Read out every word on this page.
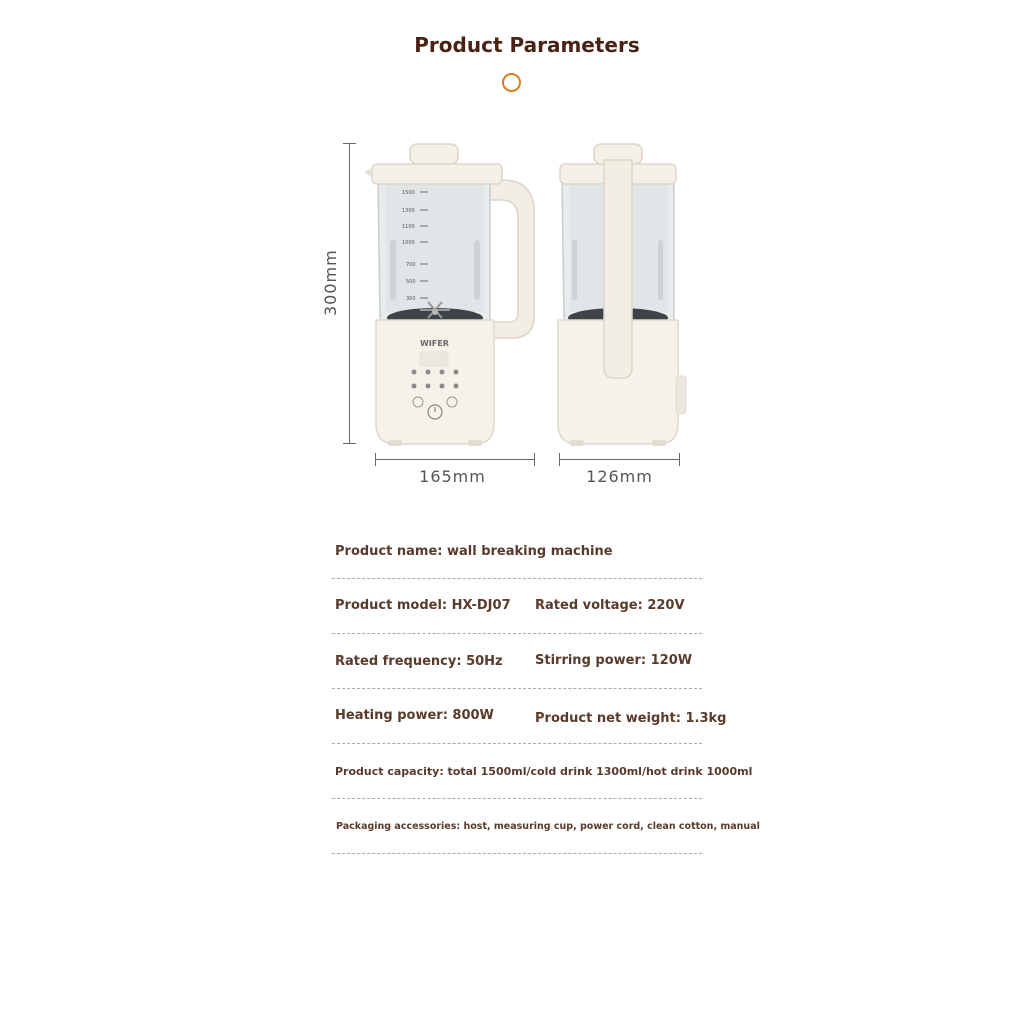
Product Parameters
300mm
1500
1300
1100
1000
700
500
300
WIFER
165mm	126mm
Product name: wall breaking machine
Product model: HX-DJ07 Rated voltage: 220V
Rated frequency: 50Hz Stirring power: 120W
Heating power: 800W	Product net weight: 1.3kg
Product capacity: total 1500ml/cold drink 1300ml/hot drink 1000ml
Packaging accessories: host, measuring cup, power cord, clean cotton, manual
